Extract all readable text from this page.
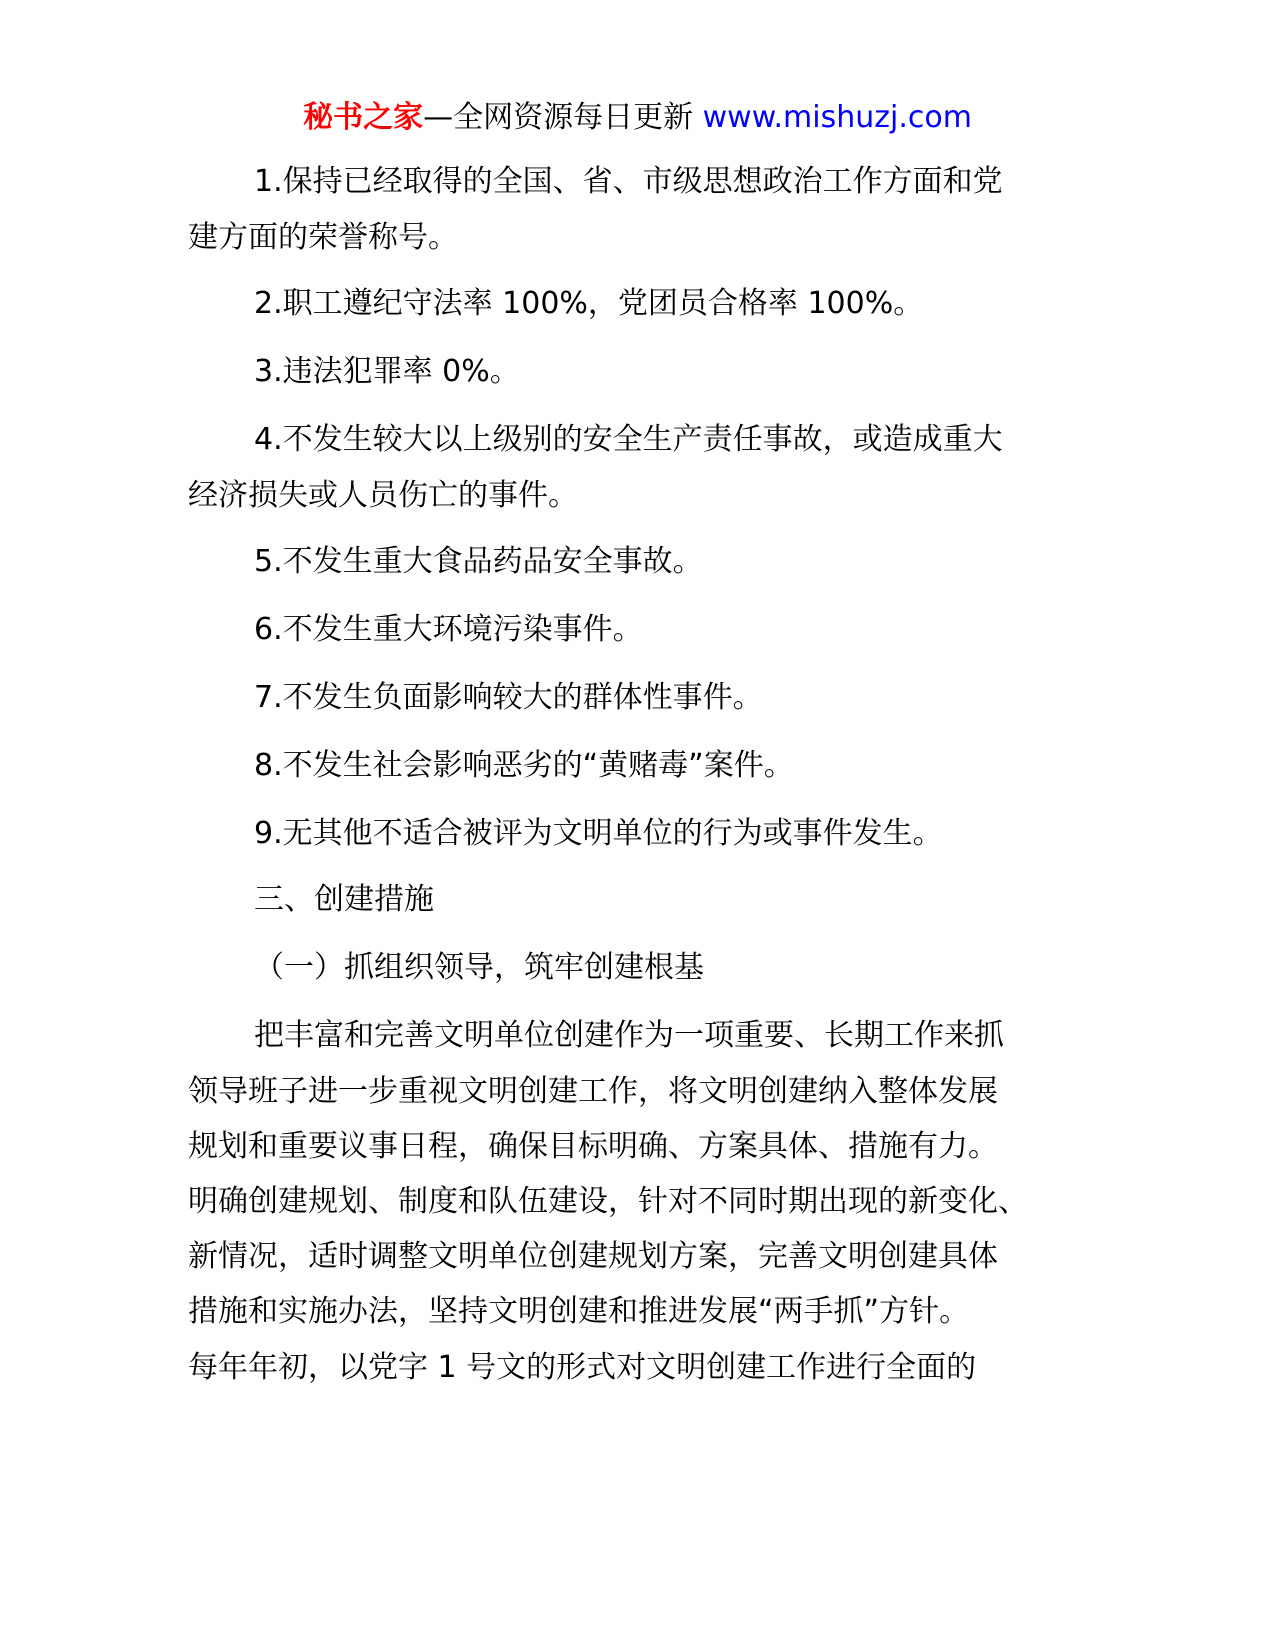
秘书之家—全网资源每日更新 www.mishuzj.com
1.保持已经取得的全国、省、市级思想政治工作方面和党
建方面的荣誉称号。
2.职工遵纪守法率 100%，党团员合格率 100%。
3.违法犯罪率 0%。
4.不发生较大以上级别的安全生产责任事故，或造成重大
经济损失或人员伤亡的事件。
5.不发生重大食品药品安全事故。
6.不发生重大环境污染事件。
7.不发生负面影响较大的群体性事件。
8.不发生社会影响恶劣的“黄赌毒”案件。
9.无其他不适合被评为文明单位的行为或事件发生。
三、创建措施
（一）抓组织领导，筑牢创建根基
把丰富和完善文明单位创建作为一项重要、长期工作来抓
领导班子进一步重视文明创建工作，将文明创建纳入整体发展
规划和重要议事日程，确保目标明确、方案具体、措施有力。
明确创建规划、制度和队伍建设，针对不同时期出现的新变化、
新情况，适时调整文明单位创建规划方案，完善文明创建具体
措施和实施办法，坚持文明创建和推进发展“两手抓”方针。
每年年初，以党字 1 号文的形式对文明创建工作进行全面的
